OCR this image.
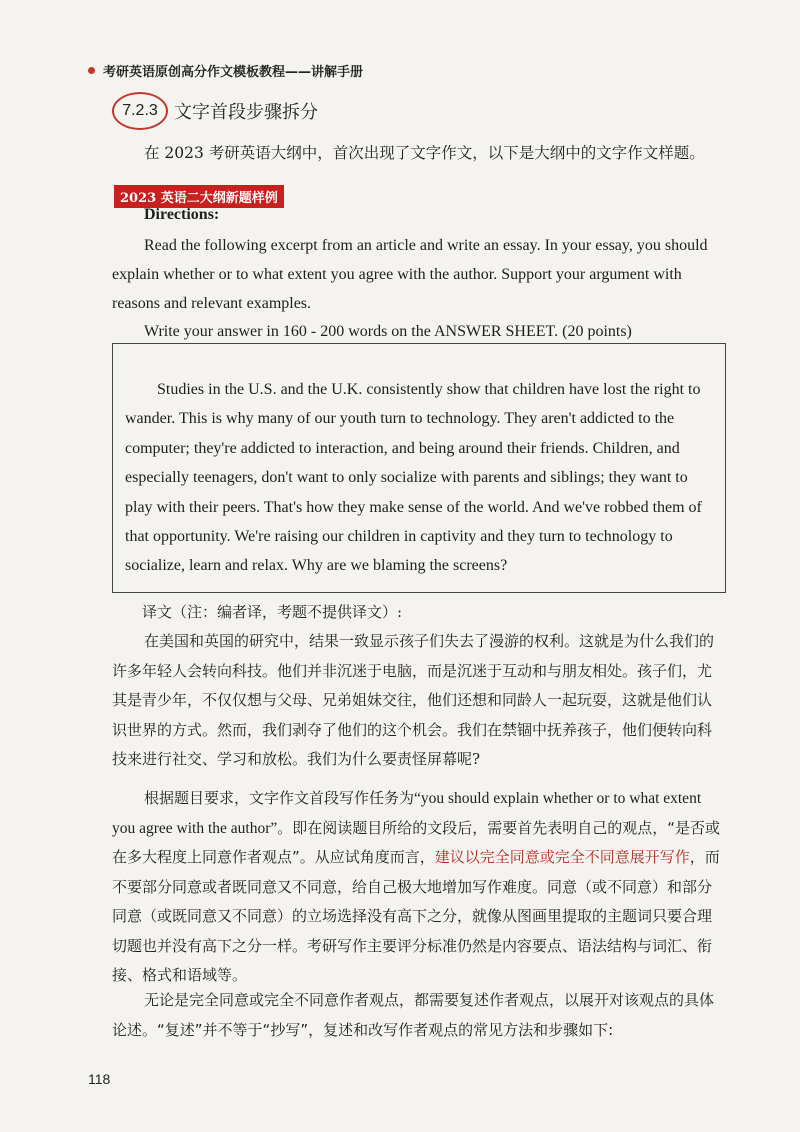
考研英语原创高分作文模板教程——讲解手册
7.2.3 文字首段步骤拆分
在 2023 考研英语大纲中，首次出现了文字作文，以下是大纲中的文字作文样题。
2023 英语二大纲新题样例
Directions:
Read the following excerpt from an article and write an essay. In your essay, you should explain whether or to what extent you agree with the author. Support your argument with reasons and relevant examples.
Write your answer in 160 - 200 words on the ANSWER SHEET. (20 points)
Studies in the U.S. and the U.K. consistently show that children have lost the right to wander. This is why many of our youth turn to technology. They aren't addicted to the computer; they're addicted to interaction, and being around their friends. Children, and especially teenagers, don't want to only socialize with parents and siblings; they want to play with their peers. That's how they make sense of the world. And we've robbed them of that opportunity. We're raising our children in captivity and they turn to technology to socialize, learn and relax. Why are we blaming the screens?
译文（注：编者译，考题不提供译文）:
在美国和英国的研究中，结果一致显示孩子们失去了漫游的权利。这就是为什么我们的许多年轻人会转向科技。他们并非沉迷于电脑，而是沉迷于互动和与朋友相处。孩子们，尤其是青少年，不仅仅想与父母、兄弟姐妹交往，他们还想和同龄人一起玩耍，这就是他们认识世界的方式。然而，我们剥夺了他们的这个机会。我们在禁锢中抚养孩子，他们便转向科技来进行社交、学习和放松。我们为什么要责怪屏幕呢?
根据题目要求，文字作文首段写作任务为“you should explain whether or to what extent you agree with the author”。即在阅读题目所给的文段后，需要首先表明自己的观点，“是否或在多大程度上同意作者观点”。从应试角度而言，建议以完全同意或完全不同意展开写作，而不要部分同意或者既同意又不同意，给自己极大地增加写作难度。同意（或不同意）和部分同意（或既同意又不同意）的立场选择没有高下之分，就像从图画里提取的主题词只要合理切题也并没有高下之分一样。考研写作主要评分标准仍然是内容要点、语法结构与词汇、衔接、格式和语域等。
无论是完全同意或完全不同意作者观点，都需要复述作者观点，以展开对该观点的具体论述。“复述”并不等于“抄写”，复述和改写作者观点的常见方法和步骤如下:
118
